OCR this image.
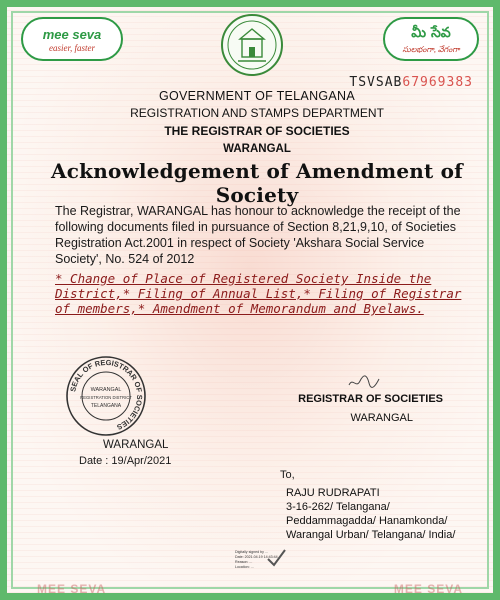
mee seva
easier, faster
మీ సేవ
సులభంగా, వేగంగా
TSVSAB67969383
GOVERNMENT OF TELANGANA
REGISTRATION AND STAMPS DEPARTMENT
THE REGISTRAR OF SOCIETIES
WARANGAL
Acknowledgement of Amendment of Society
The Registrar, WARANGAL has honour to acknowledge the receipt of the following documents filed in pursuance of Section 8,21,9,10, of Societies Registration Act.2001 in respect of Society 'Akshara Social Service Society', No. 524 of 2012
* Change of Place of Registered Society Inside the District,* Filing of Annual List,* Filing of Registrar of members,* Amendment of Memorandum and Byelaws.
SEAL OF REGISTRAR OF SOCIETIES
WARANGAL
REGISTRATION DISTRICT
TELANGANA
REGISTRAR OF SOCIETIES
WARANGAL
WARANGAL
Date : 19/Apr/2021
To,
RAJU RUDRAPATI
3-16-262/ Telangana/
Peddammagadda/ Hanamkonda/
Warangal Urban/ Telangana/ India/
Digitally signed by ...
Date: 2021.04.19 14:43:44
Reason: ...
Location: ...
MEE SEVA	MEE SEVA
